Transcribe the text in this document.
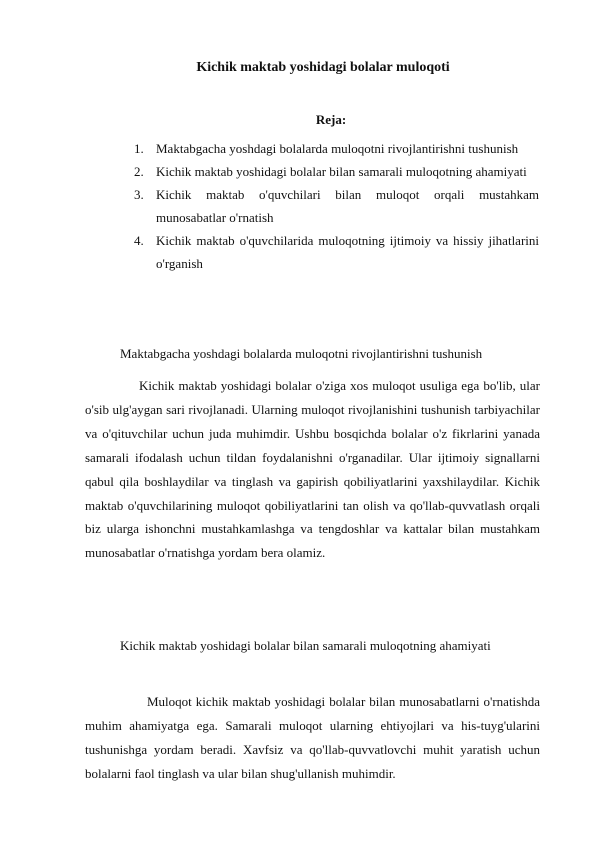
Kichik maktab yoshidagi bolalar muloqoti
Reja:
1. Maktabgacha yoshdagi bolalarda muloqotni rivojlantirishni tushunish
2. Kichik maktab yoshidagi bolalar bilan samarali muloqotning ahamiyati
3. Kichik maktab o'quvchilari bilan muloqot orqali mustahkam munosabatlar o'rnatish
4. Kichik maktab o'quvchilarida muloqotning ijtimoiy va hissiy jihatlarini o'rganish
Maktabgacha yoshdagi bolalarda muloqotni rivojlantirishni tushunish

Kichik maktab yoshidagi bolalar o'ziga xos muloqot usuliga ega bo'lib, ular o'sib ulg'aygan sari rivojlanadi. Ularning muloqot rivojlanishini tushunish tarbiyachilar va o'qituvchilar uchun juda muhimdir. Ushbu bosqichda bolalar o'z fikrlarini yanada samarali ifodalash uchun tildan foydalanishni o'rganadilar. Ular ijtimoiy signallarni qabul qila boshlaydilar va tinglash va gapirish qobiliyatlarini yaxshilaydilar. Kichik maktab o'quvchilarining muloqot qobiliyatlarini tan olish va qo'llab-quvvatlash orqali biz ularga ishonchni mustahkamlashga va tengdoshlar va kattalar bilan mustahkam munosabatlar o'rnatishga yordam bera olamiz.

Kichik maktab yoshidagi bolalar bilan samarali muloqotning ahamiyati

Muloqot kichik maktab yoshidagi bolalar bilan munosabatlarni o'rnatishda muhim ahamiyatga ega. Samarali muloqot ularning ehtiyojlari va his-tuyg'ularini tushunishga yordam beradi. Xavfsiz va qo'llab-quvvatlovchi muhit yaratish uchun bolalarni faol tinglash va ular bilan shug'ullanish muhimdir.
